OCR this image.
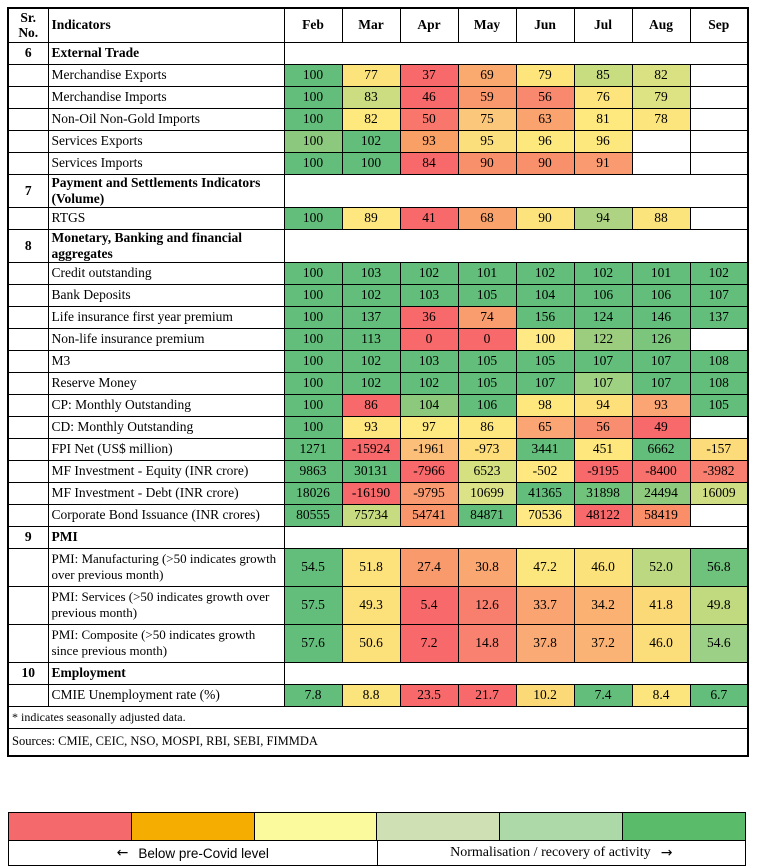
Sr. No.	Indicators	Feb	Mar	Apr	May	Jun	Jul	Aug	Sep
6	External Trade								
	Merchandise Exports	100	77	37	69	79	85	82	
	Merchandise Imports	100	83	46	59	56	76	79	
	Non-Oil Non-Gold Imports	100	82	50	75	63	81	78	
	Services Exports	100	102	93	95	96	96		
	Services Imports	100	100	84	90	90	91		
7	Payment and Settlements Indicators (Volume)								
	RTGS	100	89	41	68	90	94	88	
8	Monetary, Banking and financial aggregates								
	Credit outstanding	100	103	102	101	102	102	101	102
	Bank Deposits	100	102	103	105	104	106	106	107
	Life insurance first year premium	100	137	36	74	156	124	146	137
	Non-life insurance premium	100	113	0	0	100	122	126	
	M3	100	102	103	105	105	107	107	108
	Reserve Money	100	102	102	105	107	107	107	108
	CP: Monthly Outstanding	100	86	104	106	98	94	93	105
	CD: Monthly Outstanding	100	93	97	86	65	56	49	
	FPI Net (US$ million)	1271	-15924	-1961	-973	3441	451	6662	-157
	MF Investment - Equity (INR crore)	9863	30131	-7966	6523	-502	-9195	-8400	-3982
	MF Investment - Debt (INR crore)	18026	-16190	-9795	10699	41365	31898	24494	16009
	Corporate Bond Issuance (INR crores)	80555	75734	54741	84871	70536	48122	58419	
9	PMI								
	PMI: Manufacturing (>50 indicates growth over previous month)	54.5	51.8	27.4	30.8	47.2	46.0	52.0	56.8
	PMI: Services (>50 indicates growth over previous month)	57.5	49.3	5.4	12.6	33.7	34.2	41.8	49.8
	PMI: Composite (>50 indicates growth since previous month)	57.6	50.6	7.2	14.8	37.8	37.2	46.0	54.6
10	Employment								
	CMIE Unemployment rate (%)	7.8	8.8	23.5	21.7	10.2	7.4	8.4	6.7
* indicates seasonally adjusted data.									
Sources: CMIE, CEIC, NSO, MOSPI, RBI, SEBI, FIMMDA									
← Below pre-Covid level	Normalisation / recovery of activity →
